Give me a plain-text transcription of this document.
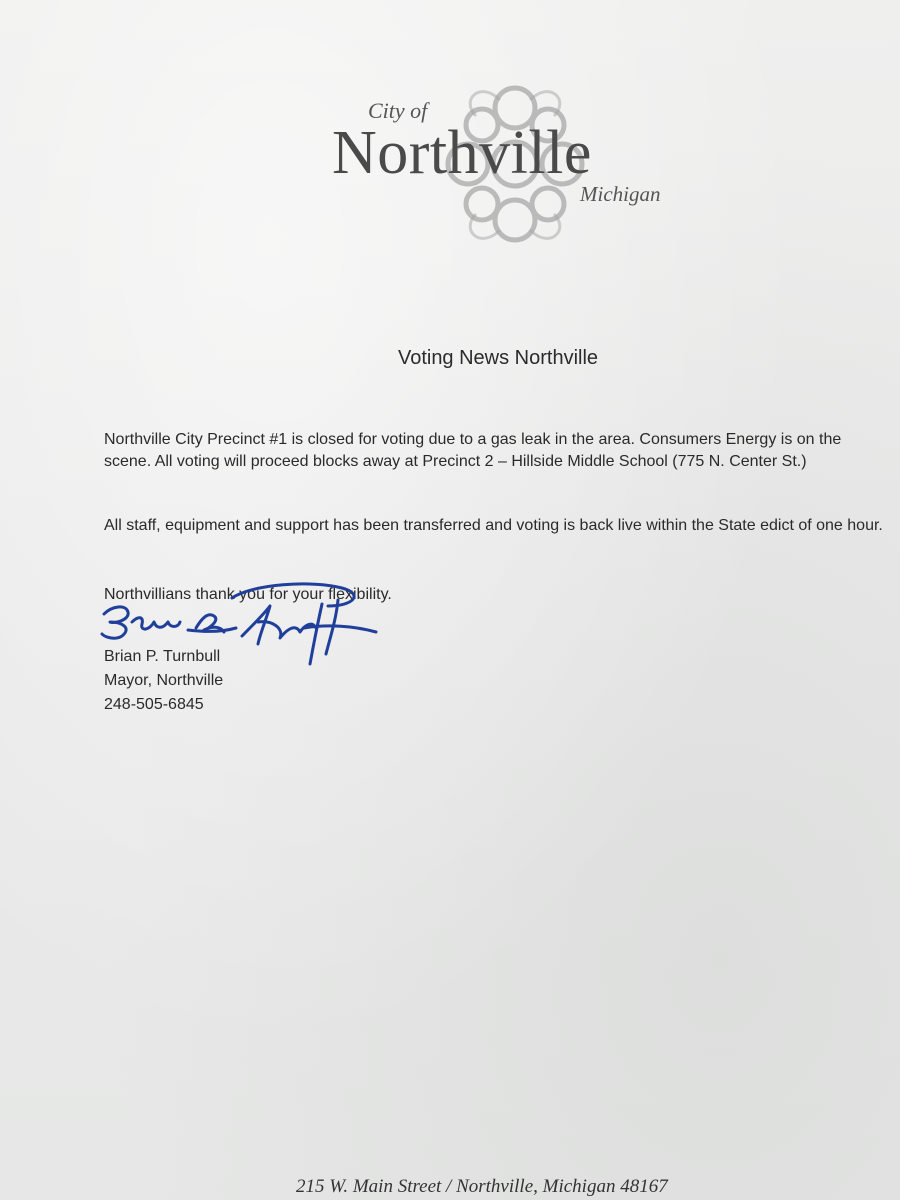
City of

Northville

Michigan

Voting News Northville

Northville City Precinct #1 is closed for voting due to a gas leak in the area. Consumers Energy is on the scene. All voting will proceed blocks away at Precinct 2 – Hillside Middle School (775 N. Center St.)

All staff, equipment and support has been transferred and voting is back live within the State edict of one hour.

Northvillians thank you for your flexibility.

Brian P. Turnbull

Mayor, Northville

248-505-6845

215 W. Main Street / Northville, Michigan 48167
